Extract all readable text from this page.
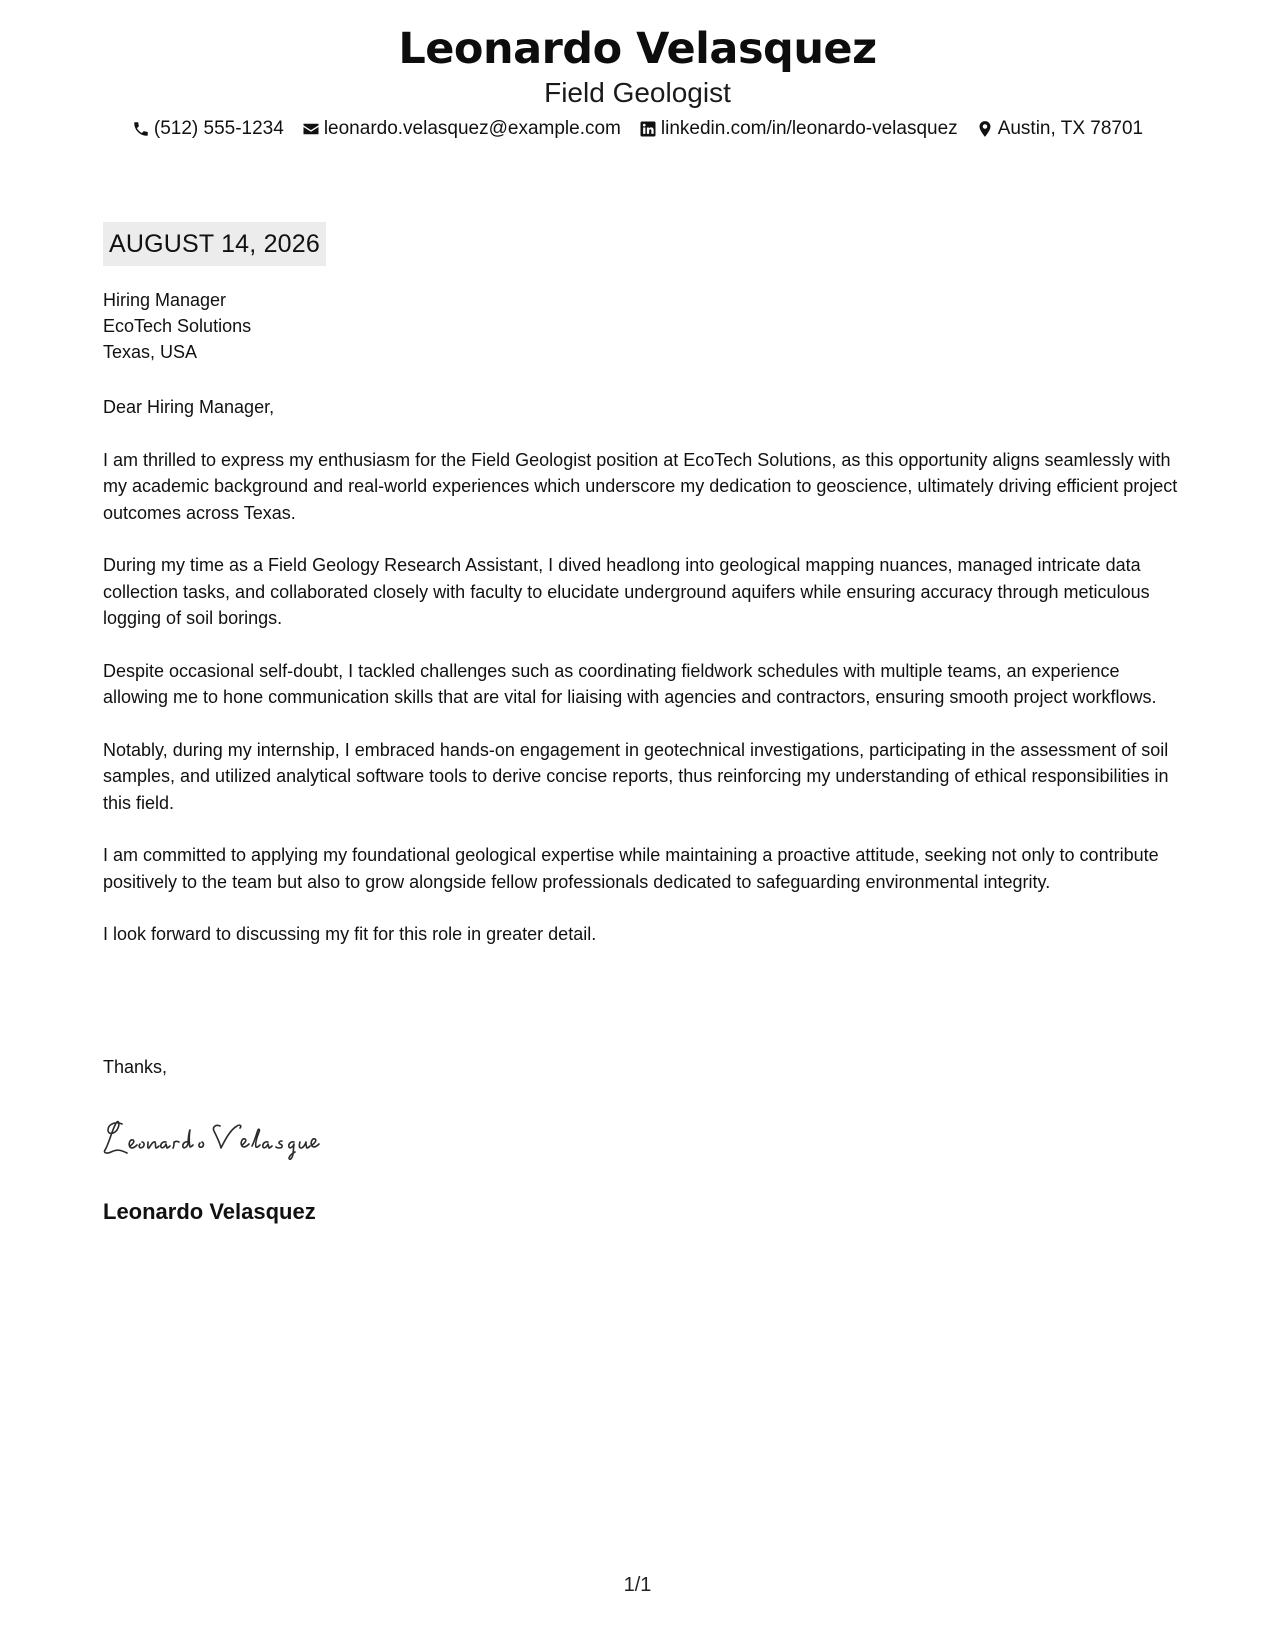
Leonardo Velasquez
Field Geologist
(512) 555-1234 leonardo.velasquez@example.com linkedin.com/in/leonardo-velasquez Austin, TX 78701
AUGUST 14, 2026
Hiring Manager
EcoTech Solutions
Texas, USA

Dear Hiring Manager,

I am thrilled to express my enthusiasm for the Field Geologist position at EcoTech Solutions, as this opportunity aligns seamlessly with my academic background and real-world experiences which underscore my dedication to geoscience, ultimately driving efficient project outcomes across Texas.

During my time as a Field Geology Research Assistant, I dived headlong into geological mapping nuances, managed intricate data collection tasks, and collaborated closely with faculty to elucidate underground aquifers while ensuring accuracy through meticulous logging of soil borings.

Despite occasional self-doubt, I tackled challenges such as coordinating fieldwork schedules with multiple teams, an experience allowing me to hone communication skills that are vital for liaising with agencies and contractors, ensuring smooth project workflows.

Notably, during my internship, I embraced hands-on engagement in geotechnical investigations, participating in the assessment of soil samples, and utilized analytical software tools to derive concise reports, thus reinforcing my understanding of ethical responsibilities in this field.

I am committed to applying my foundational geological expertise while maintaining a proactive attitude, seeking not only to contribute positively to the team but also to grow alongside fellow professionals dedicated to safeguarding environmental integrity.

I look forward to discussing my fit for this role in greater detail.

Thanks,
Leonardo Velasquez
1/1
